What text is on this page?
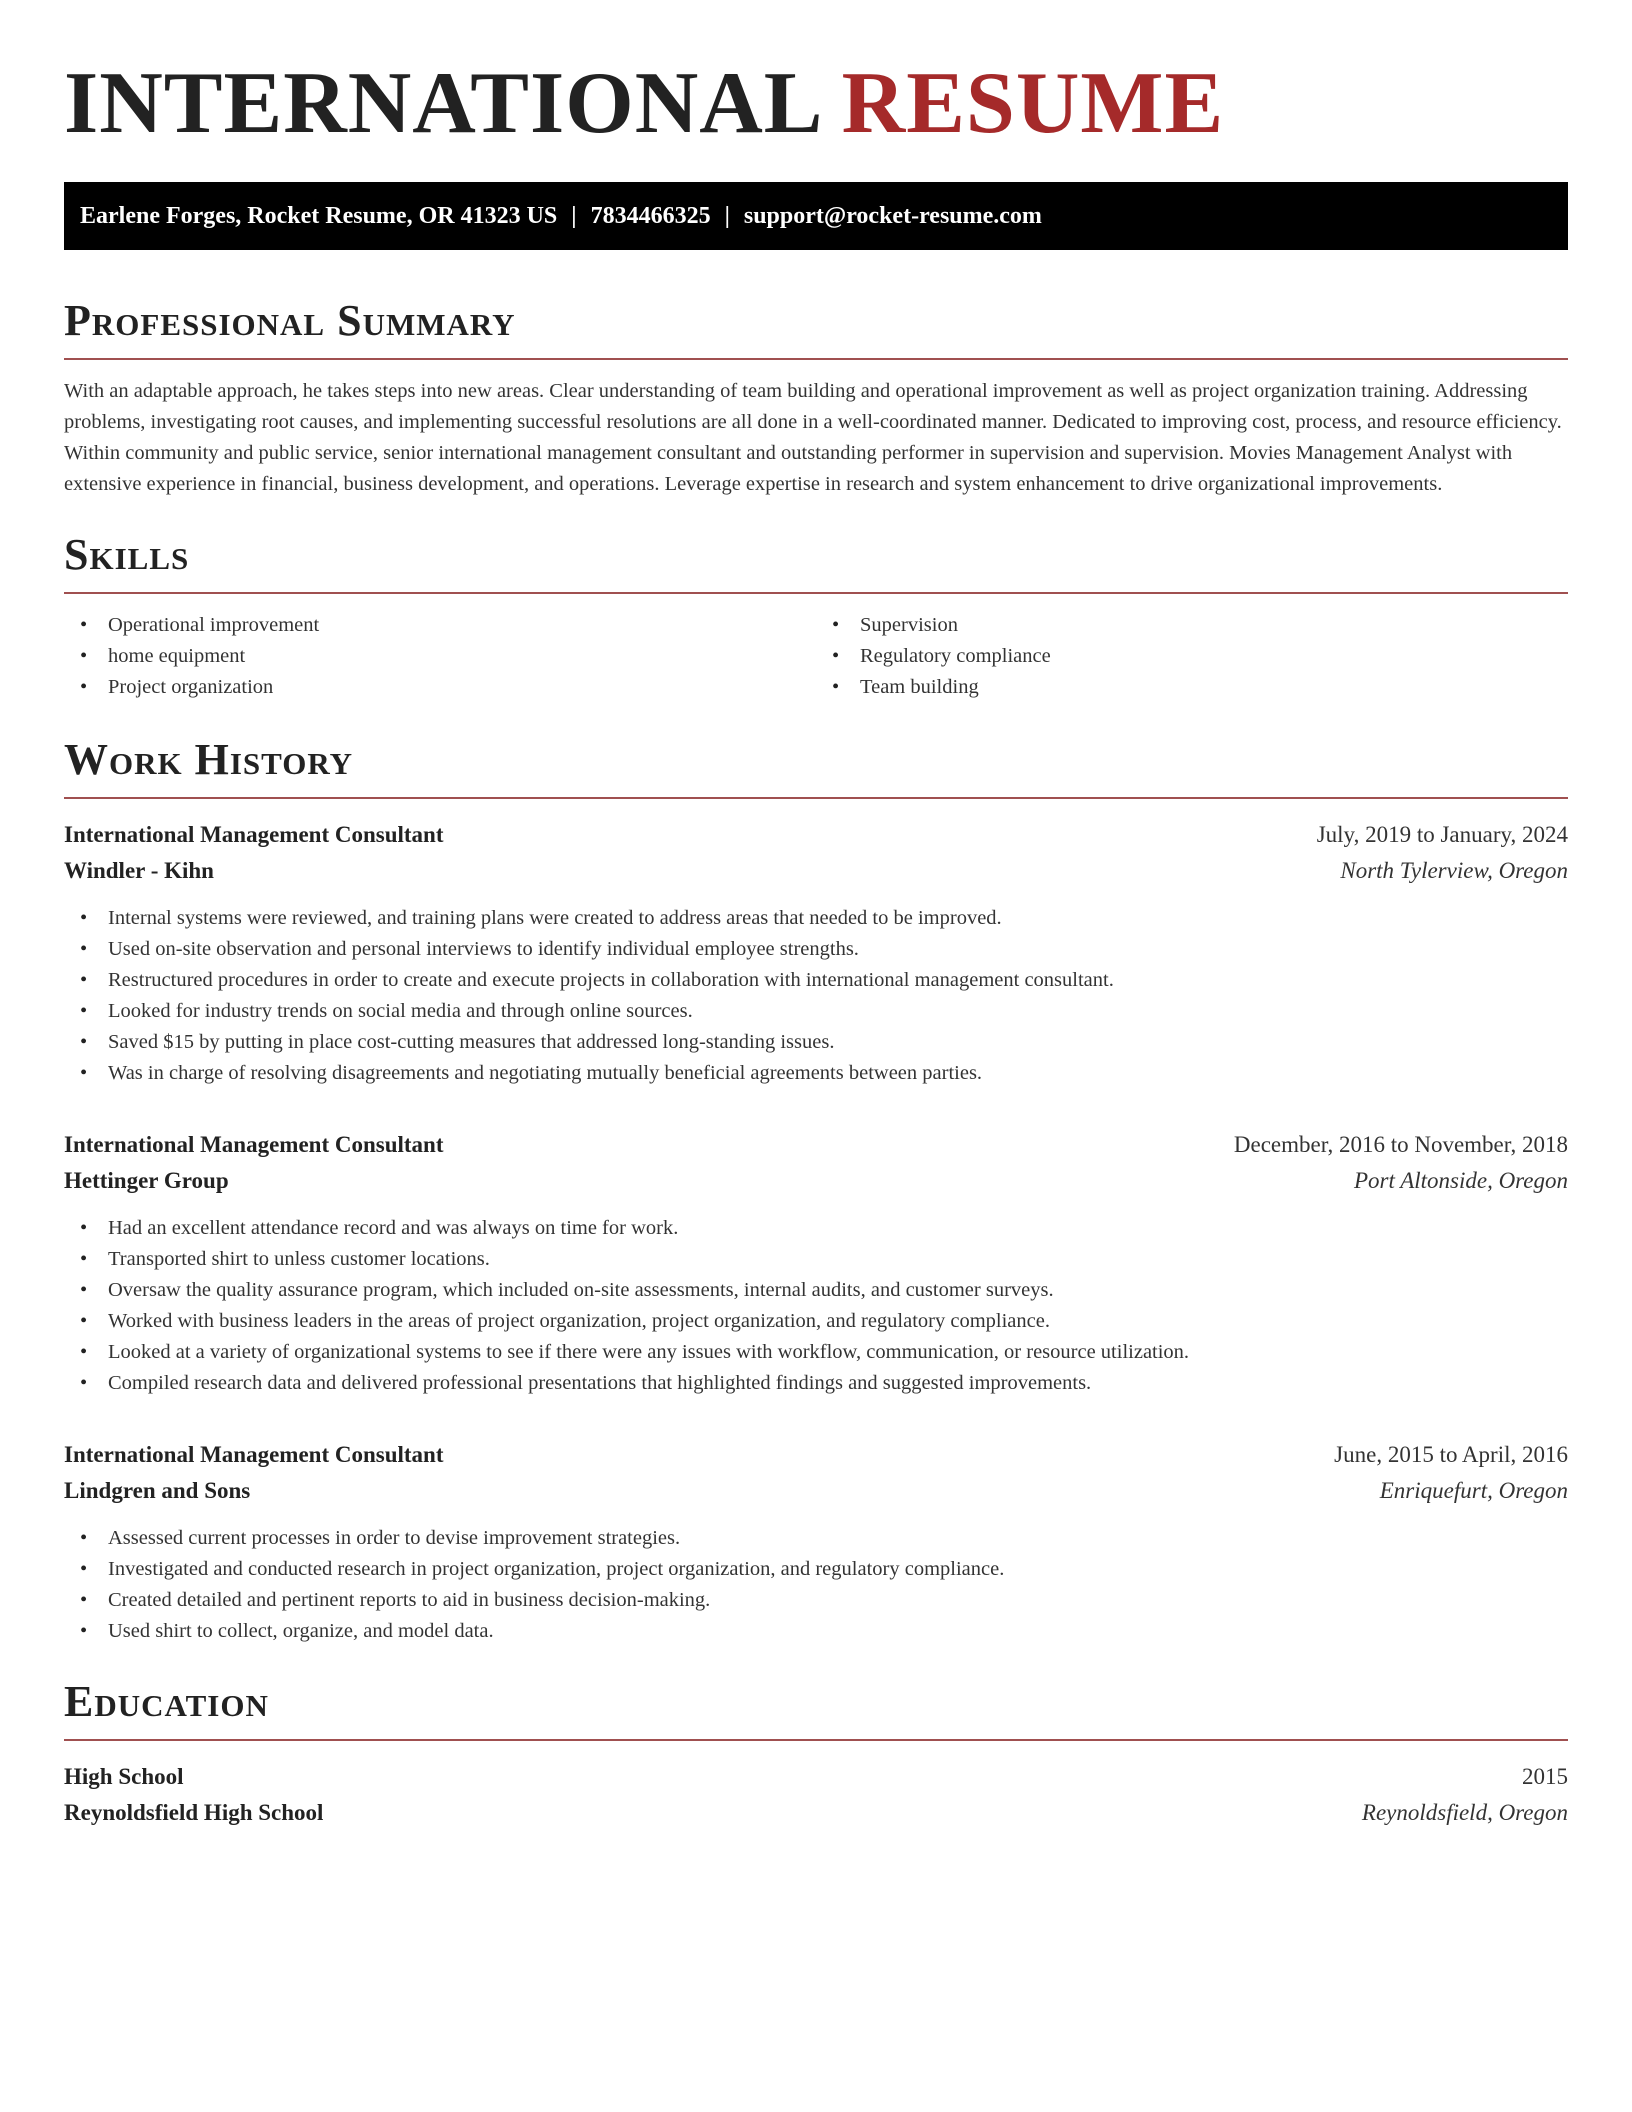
INTERNATIONAL RESUME
Earlene Forges, Rocket Resume, OR 41323 US | 7834466325 | support@rocket-resume.com
Professional Summary

With an adaptable approach, he takes steps into new areas. Clear understanding of team building and operational improvement as well as project organization training. Addressing problems, investigating root causes, and implementing successful resolutions are all done in a well-coordinated manner. Dedicated to improving cost, process, and resource efficiency. Within community and public service, senior international management consultant and outstanding performer in supervision and supervision. Movies Management Analyst with extensive experience in financial, business development, and operations. Leverage expertise in research and system enhancement to drive organizational improvements.

Skills
• Operational improvement
• home equipment
• Project organization
• Supervision
• Regulatory compliance
• Team building
Work History
International Management Consultant	July, 2019 to January, 2024
Windler - Kihn	North Tylerview, Oregon
• Internal systems were reviewed, and training plans were created to address areas that needed to be improved.
• Used on-site observation and personal interviews to identify individual employee strengths.
• Restructured procedures in order to create and execute projects in collaboration with international management consultant.
• Looked for industry trends on social media and through online sources.
• Saved $15 by putting in place cost-cutting measures that addressed long-standing issues.
• Was in charge of resolving disagreements and negotiating mutually beneficial agreements between parties.
International Management Consultant	December, 2016 to November, 2018
Hettinger Group	Port Altonside, Oregon
• Had an excellent attendance record and was always on time for work.
• Transported shirt to unless customer locations.
• Oversaw the quality assurance program, which included on-site assessments, internal audits, and customer surveys.
• Worked with business leaders in the areas of project organization, project organization, and regulatory compliance.
• Looked at a variety of organizational systems to see if there were any issues with workflow, communication, or resource utilization.
• Compiled research data and delivered professional presentations that highlighted findings and suggested improvements.
International Management Consultant	June, 2015 to April, 2016
Lindgren and Sons	Enriquefurt, Oregon
• Assessed current processes in order to devise improvement strategies.
• Investigated and conducted research in project organization, project organization, and regulatory compliance.
• Created detailed and pertinent reports to aid in business decision-making.
• Used shirt to collect, organize, and model data.
Education
High School	2015
Reynoldsfield High School	Reynoldsfield, Oregon
